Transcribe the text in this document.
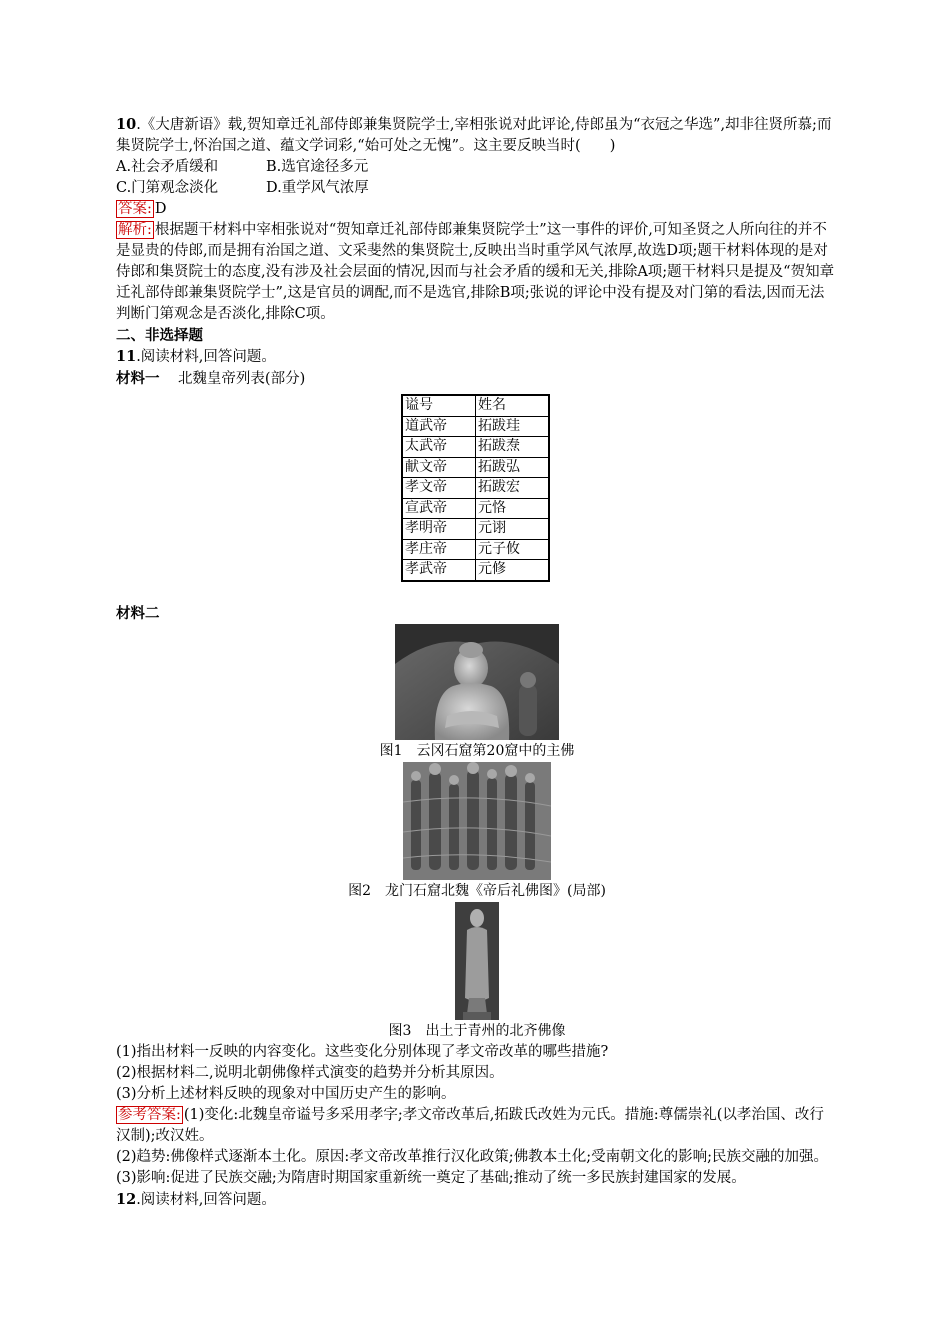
10.《大唐新语》载,贺知章迁礼部侍郎兼集贤院学士,宰相张说对此评论,侍郎虽为“衣冠之华选”,却非往贤所慕;而集贤院学士,怀治国之道、蕴文学词彩,“始可处之无愧”。这主要反映当时(　　)

A.社会矛盾缓和	B.选官途径多元
C.门第观念淡化	D.重学风气浓厚

答案: D

解析: 根据题干材料中宰相张说对“贺知章迁礼部侍郎兼集贤院学士”这一事件的评价,可知圣贤之人所向往的并不是显贵的侍郎,而是拥有治国之道、文采斐然的集贤院士,反映出当时重学风气浓厚,故选D项;题干材料体现的是对侍郎和集贤院士的态度,没有涉及社会层面的情况,因而与社会矛盾的缓和无关,排除A项;题干材料只是提及“贺知章迁礼部侍郎兼集贤院学士”,这是官员的调配,而不是选官,排除B项;张说的评论中没有提及对门第的看法,因而无法判断门第观念是否淡化,排除C项。

二、非选择题

11.阅读材料,回答问题。

材料一 北魏皇帝列表(部分)

谥号	姓名
道武帝	拓跋珪
太武帝	拓跋焘
献文帝	拓跋弘
孝文帝	拓跋宏
宣武帝	元恪
孝明帝	元诩
孝庄帝	元子攸
孝武帝	元修

材料二

图1　云冈石窟第20窟中的主佛
图2　龙门石窟北魏《帝后礼佛图》(局部)
图3　出土于青州的北齐佛像

(1)指出材料一反映的内容变化。这些变化分别体现了孝文帝改革的哪些措施?

(2)根据材料二,说明北朝佛像样式演变的趋势并分析其原因。

(3)分析上述材料反映的现象对中国历史产生的影响。

参考答案: (1)变化:北魏皇帝谥号多采用孝字;孝文帝改革后,拓跋氏改姓为元氏。措施:尊儒崇礼(以孝治国、改行汉制);改汉姓。

(2)趋势:佛像样式逐渐本土化。原因:孝文帝改革推行汉化政策;佛教本土化;受南朝文化的影响;民族交融的加强。

(3)影响:促进了民族交融;为隋唐时期国家重新统一奠定了基础;推动了统一多民族封建国家的发展。

12.阅读材料,回答问题。
